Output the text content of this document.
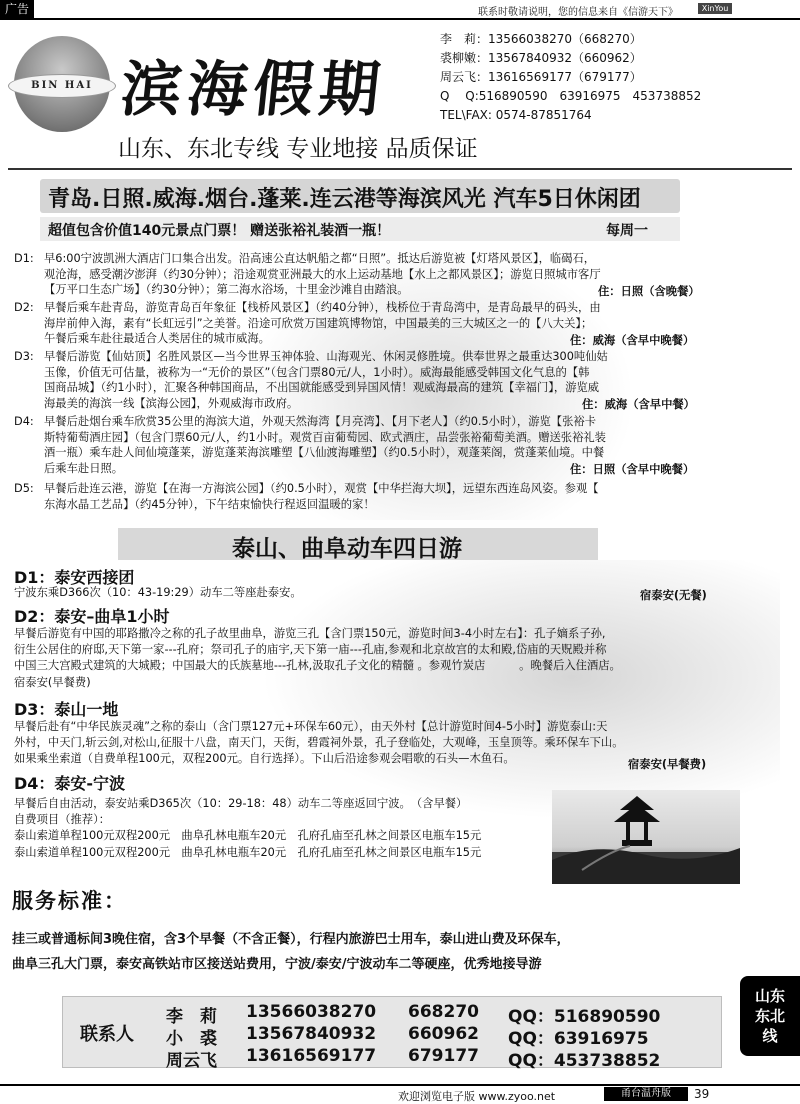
广告	联系时敬请说明，您的信息来自《信游天下》	XinYou
BIN HAI 滨海假期
李　莉：13566038270（668270）
裘柳嫩：13567840932（660962）
周云飞：13616569177（679177）
Q　 Q:516890590　63916975　453738852
TEL\FAX: 0574-87851764
山东、东北专线 专业地接 品质保证
青岛.日照.威海.烟台.蓬莱.连云港等海滨风光 汽车5日休闲团
超值包含价值140元景点门票！ 赠送张裕礼装酒一瓶！	每周一
D1: 早6:00宁波凯洲大酒店门口集合出发。沿高速公直达帆船之都“日照”。抵达后游览被【灯塔风景区】，临碣石，
观沧海，感受潮汐澎湃（约30分钟）；沿途观赏亚洲最大的水上运动基地【水上之都风景区】；游览日照城市客厅
【万平口生态广场】（约30分钟）；第二海水浴场，十里金沙滩自由踏浪。	住：日照（含晚餐）
D2: 早餐后乘车赴青岛，游览青岛百年象征【栈桥风景区】（约40分钟），栈桥位于青岛湾中，是青岛最早的码头，由
海岸前伸入海，素有“长虹远引”之美誉。沿途可欣赏万国建筑博物馆，中国最美的三大城区之一的【八大关】；
午餐后乘车赴往最适合人类居住的城市威海。	住：威海（含早中晚餐）
D3: 早餐后游览【仙姑顶】名胜风景区—当今世界玉神体验、山海观光、休闲灵修胜境。供奉世界之最重达300吨仙姑
玉像，价值无可估量，被称为一“无价的景区”（包含门票80元/人，1小时）。威海最能感受韩国文化气息的【韩
国商品城】（约1小时），汇聚各种韩国商品，不出国就能感受到异国风情！观威海最高的建筑【幸福门】，游览威
海最美的海滨一线【滨海公园】，外观威海市政府。	住：威海（含早中餐）
D4: 早餐后赴烟台乘车欣赏35公里的海滨大道，外观天然海湾【月亮湾】、【月下老人】（约0.5小时），游览【张裕卡
斯特葡萄酒庄园】（包含门票60元/人，约1小时。观赏百亩葡萄园、欧式酒庄，品尝张裕葡萄美酒。赠送张裕礼装
酒一瓶）乘车赴人间仙境蓬莱，游览蓬莱海滨雕塑【八仙渡海雕塑】（约0.5小时），观蓬莱阁，赏蓬莱仙境。中餐
后乘车赴日照。	住：日照（含早中晚餐）
D5: 早餐后赴连云港，游览【在海一方海滨公园】（约0.5小时），观赏【中华拦海大坝】，远望东西连岛风姿。参观【
东海水晶工艺品】（约45分钟），下午结束愉快行程返回温暖的家！
泰山、曲阜动车四日游
D1：泰安西接团
宁波东乘D366次（10：43-19:29）动车二等座赴泰安。	宿泰安(无餐)
D2：泰安–曲阜1小时
早餐后游览有中国的耶路撒冷之称的孔子故里曲阜，游览三孔【含门票150元，游览时间3-4小时左右】：孔子嫡系子孙,
衍生公居住的府邸,天下第一家---孔府；祭司孔子的庙宇,天下第一庙---孔庙,参观和北京故宫的太和殿,岱庙的天贶殿并称
中国三大宫殿式建筑的大城殿；中国最大的氏族墓地---孔林,汲取孔子文化的精髓 。参观竹炭店　　　。晚餐后入住酒店。
宿泰安(早餐费)
D3：泰山一地
早餐后赴有“中华民族灵魂”之称的泰山（含门票127元+环保车60元），由天外村【总计游览时间4-5小时】游览泰山:天
外村，中天门,斩云剑,对松山,征服十八盘，南天门，天街，碧霞祠外景，孔子登临处，大观峰，玉皇顶等。乘环保车下山。
如果乘坐索道（自费单程100元，双程200元。自行选择）。下山后沿途参观会唱歌的石头—木鱼石。	宿泰安(早餐费)
D4：泰安-宁波
早餐后自由活动，泰安站乘D365次（10：29-18：48）动车二等座返回宁波。　（含早餐）
自费项目（推荐）：
泰山索道单程100元双程200元　曲阜孔林电瓶车20元　孔府孔庙至孔林之间景区电瓶车15元
泰山索道单程100元双程200元　曲阜孔林电瓶车20元　孔府孔庙至孔林之间景区电瓶车15元
服务标准：
挂三或普通标间3晚住宿，含3个早餐（不含正餐），行程内旅游巴士用车，泰山进山费及环保车，
曲阜三孔大门票，泰安高铁站市区接送站费用，宁波/泰安/宁波动车二等硬座，优秀地接导游
联系人
李　莉 13566038270 668270 QQ：516890590
小　裘 13567840932 660962 QQ：63916975
周云飞 13616569177 679177 QQ：453738852
山东
东北
线
欢迎浏览电子版 www.zyoo.net	甬台温舟版	39
